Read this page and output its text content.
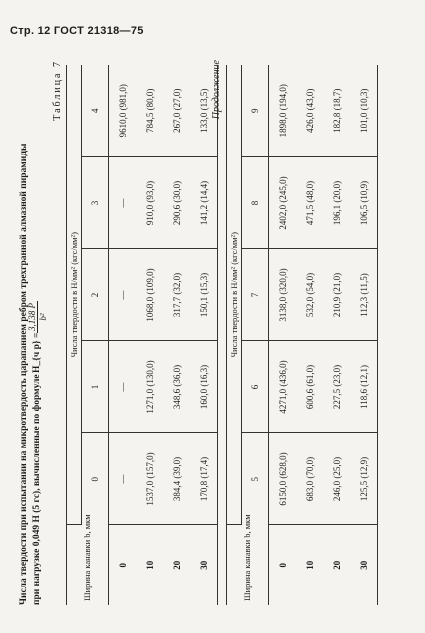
Стр. 12 ГОСТ 21318—75
Числа твердости при испытании на микротвердость царапанием ребром трехгранной алмазной пирамиды при нагрузке 0,049 Н (5 гс), вычисленные по формуле
H_{ч р} =
3,138 P b²
Таблица 7
Ширина канавки b, мкм	Числа твердости в Н/мм² (кгс/мм²)				
	0	1	2	3	4
0	—	—	—	—	9610,0 (981,0)
10	1537,0 (157,0)	1271,0 (130,0)	1068,0 (109,0)	910,0 (93,0)	784,5 (80,0)
20	384,4 (39,0)	348,6 (36,0)	317,7 (32,0)	290,6 (30,0)	267,0 (27,0)
30	170,8 (17,4)	160,0 (16,3)	150,1 (15,3)	141,2 (14,4)	133,0 (13,5) Продолжение
Ширина канавки b, мкм	Числа твердости в Н/мм² (кгс/мм²)				
	5	6	7	8	9
0	6150,0 (628,0)	4271,0 (436,0)	3138,0 (320,0)	2402,0 (245,0)	1898,0 (194,0)
10	683,0 (70,0)	600,6 (61,0)	532,0 (54,0)	471,5 (48,0)	426,0 (43,0)
20	246,0 (25,0)	227,5 (23,0)	210,9 (21,0)	196,1 (20,0)	182,8 (18,7)
30	125,5 (12,9)	118,6 (12,1)	112,3 (11,5)	106,5 (10,9)	101,0 (10,3)
